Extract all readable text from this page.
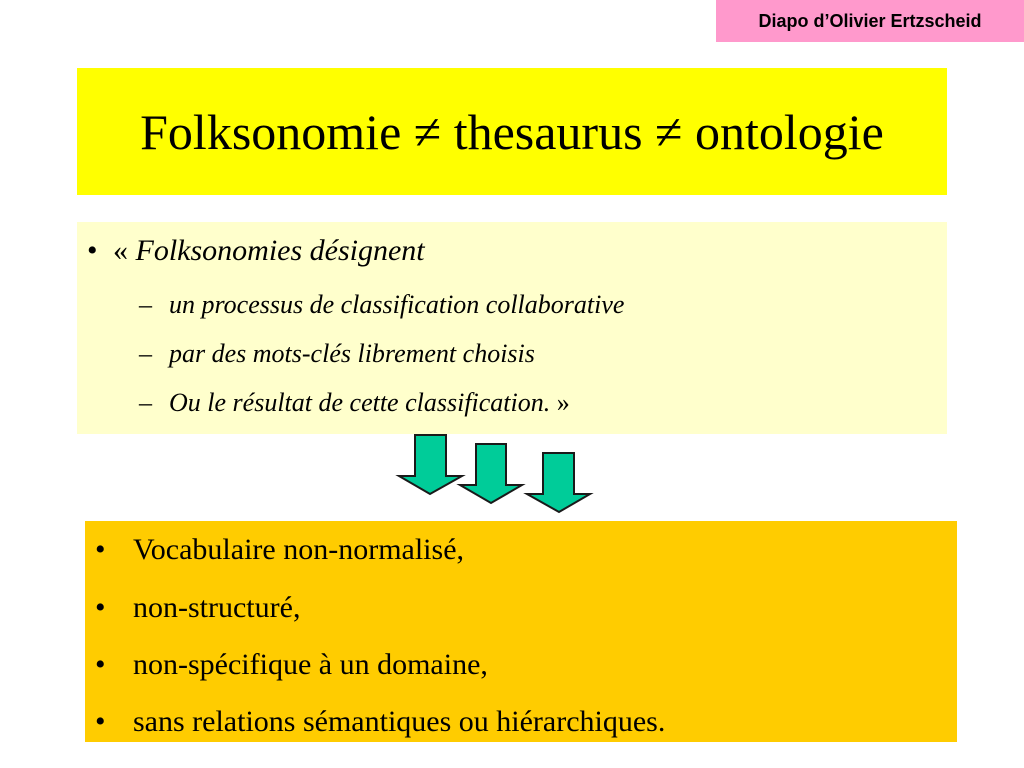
Diapo d’Olivier Ertzscheid
Folksonomie ≠ thesaurus ≠ ontologie
• « Folksonomies désignent
– un processus de classification collaborative
– par des mots-clés librement choisis
– Ou le résultat de cette classification. »
• Vocabulaire non-normalisé,
• non-structuré,
• non-spécifique à un domaine,
• sans relations sémantiques ou hiérarchiques.
